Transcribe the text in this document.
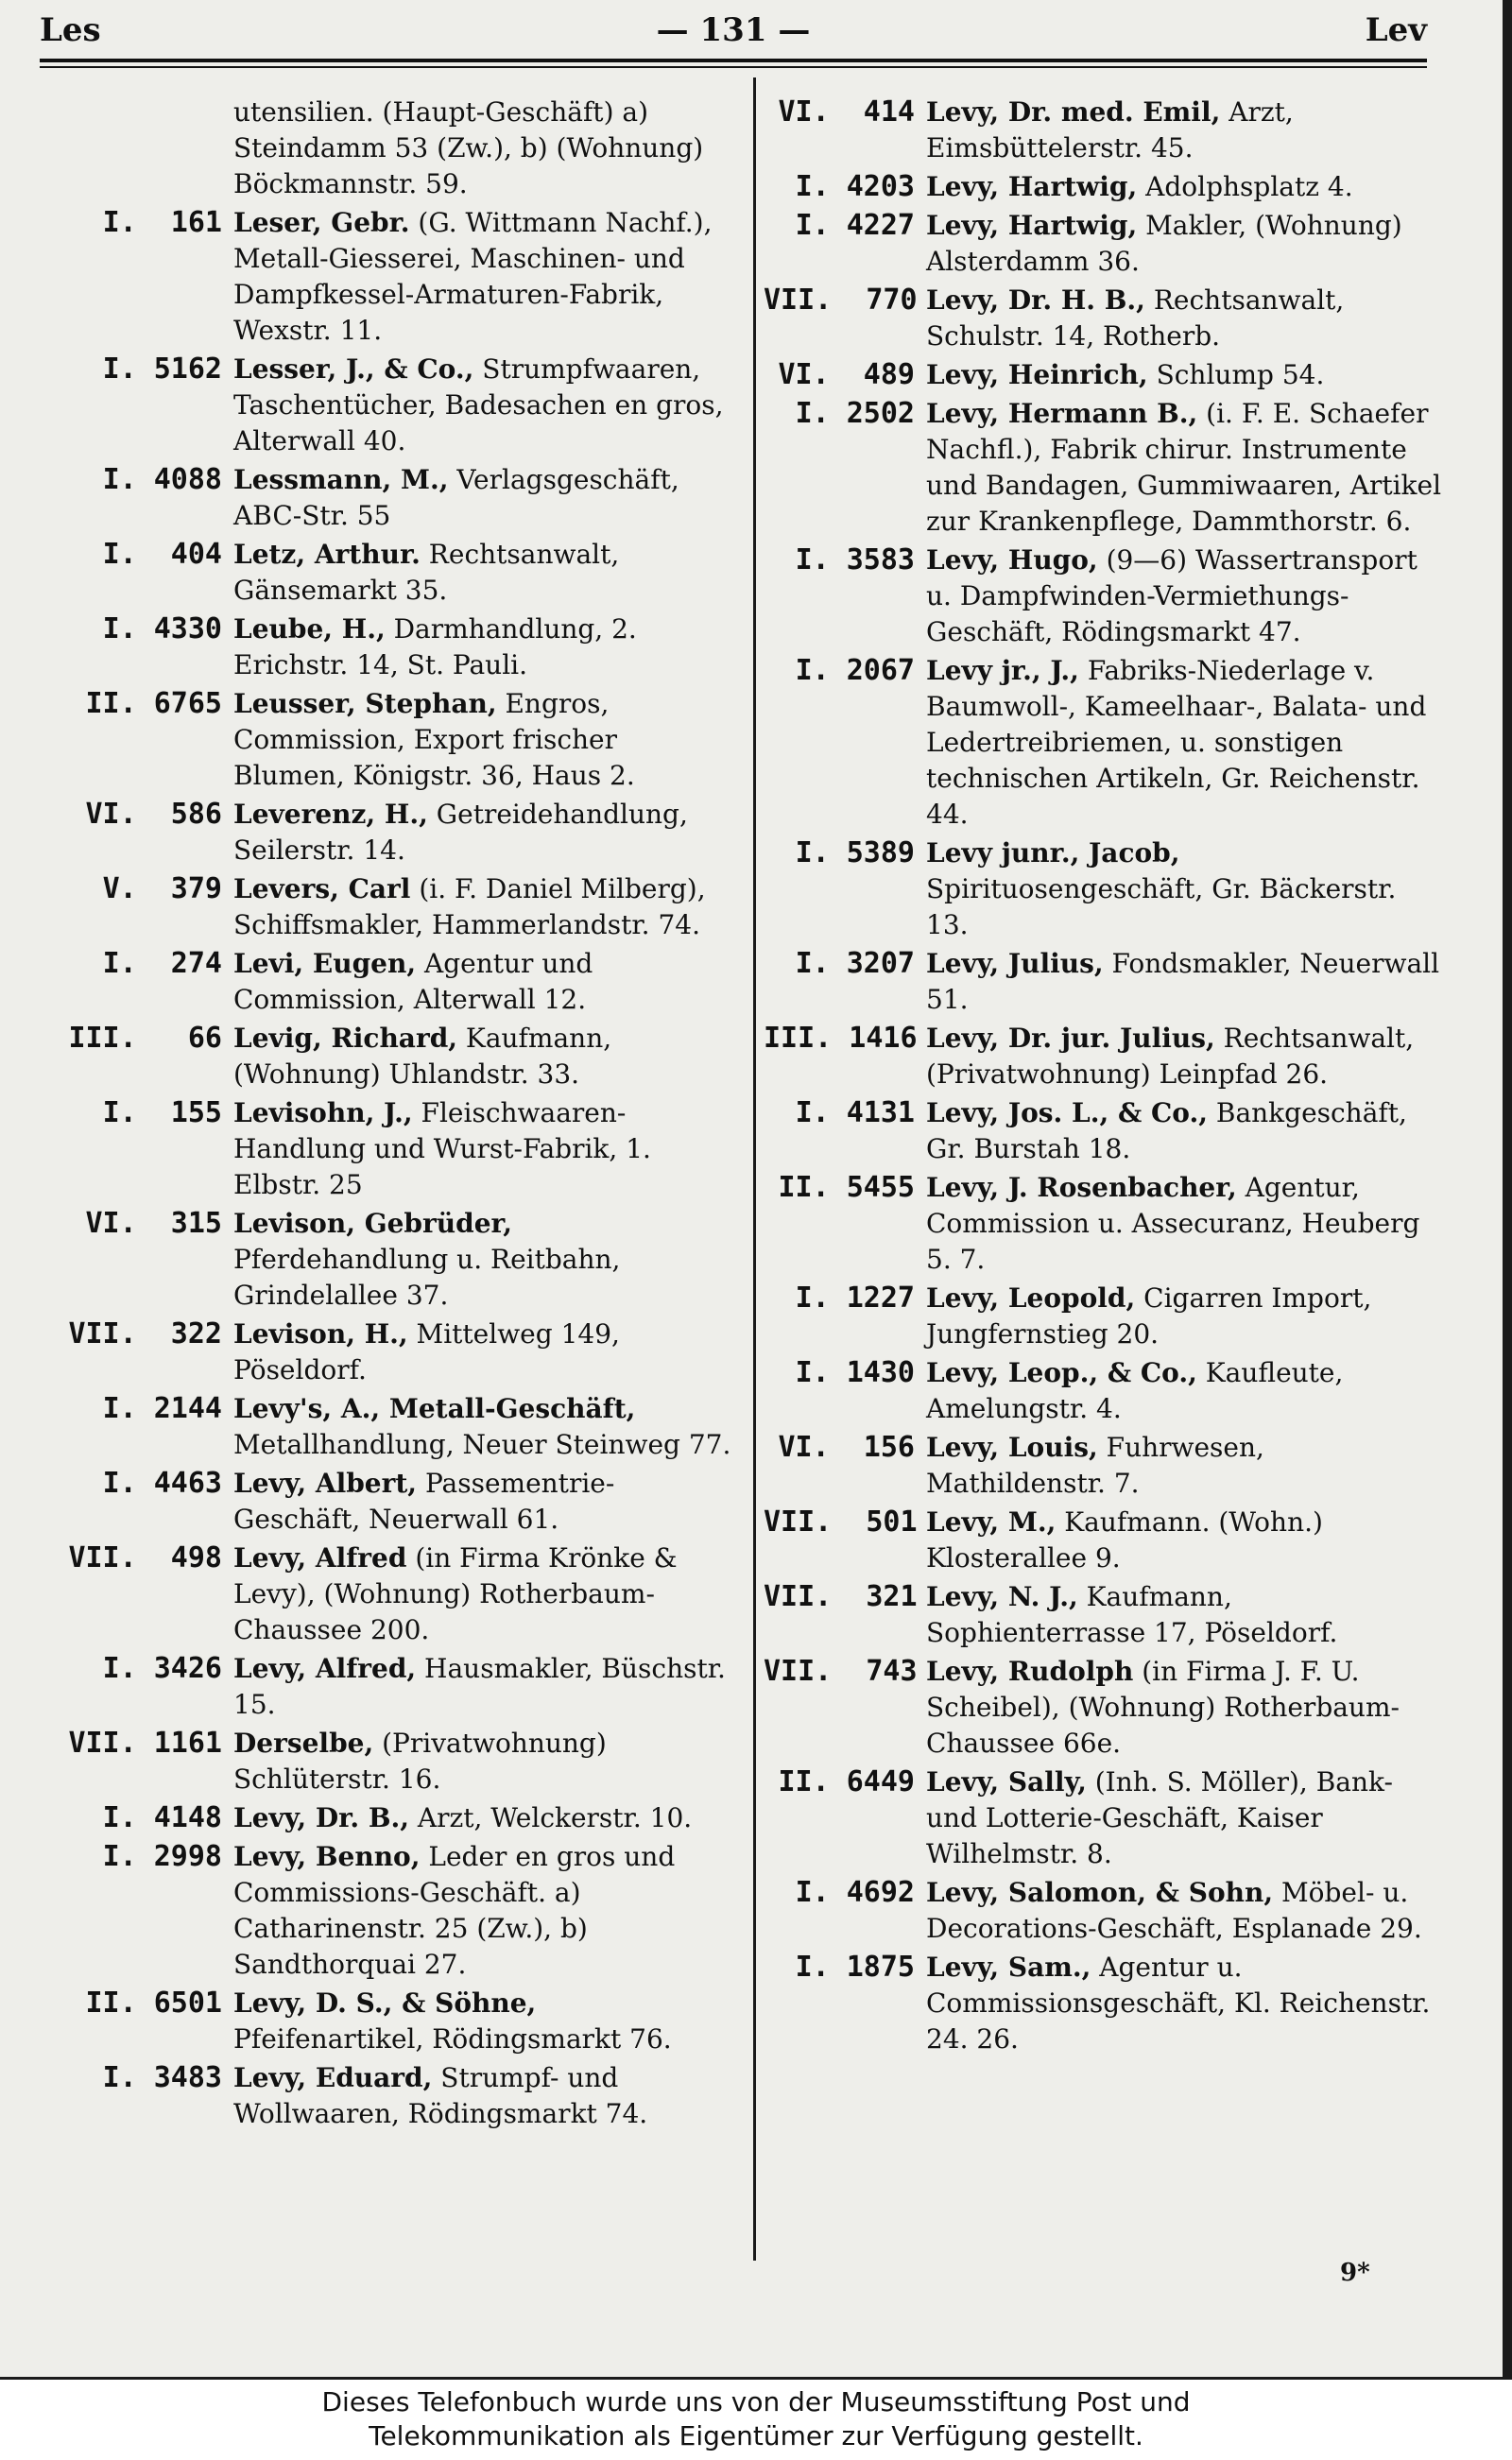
Les	— 131 —	Lev
utensilien. (Haupt-Geschäft) a) Steindamm 53 (Zw.), b) (Wohnung) Böckmannstr. 59.
I.  161 Leser, Gebr. (G. Wittmann Nachf.), Metall-Giesserei, Maschinen- und Dampfkessel-Armaturen-Fabrik, Wexstr. 11.
I. 5162 Lesser, J., & Co., Strumpfwaaren, Taschentücher, Badesachen en gros, Alterwall 40.
I. 4088 Lessmann, M., Verlagsgeschäft, ABC-Str. 55
I.  404 Letz, Arthur. Rechtsanwalt, Gänsemarkt 35.
I. 4330 Leube, H., Darmhandlung, 2. Erichstr. 14, St. Pauli.
II. 6765 Leusser, Stephan, Engros, Commission, Export frischer Blumen, Königstr. 36, Haus 2.
VI.  586 Leverenz, H., Getreidehandlung, Seilerstr. 14.
V.  379 Levers, Carl (i. F. Daniel Milberg), Schiffsmakler, Hammerlandstr. 74.
I.  274 Levi, Eugen, Agentur und Commission, Alterwall 12.
III.   66 Levig, Richard, Kaufmann, (Wohnung) Uhlandstr. 33.
I.  155 Levisohn, J., Fleischwaaren-Handlung und Wurst-Fabrik, 1. Elbstr. 25
VI.  315 Levison, Gebrüder, Pferdehandlung u. Reitbahn, Grindelallee 37.
VII.  322 Levison, H., Mittelweg 149, Pöseldorf.
I. 2144 Levy's, A., Metall-Geschäft, Metallhandlung, Neuer Steinweg 77.
I. 4463 Levy, Albert, Passementrie-Geschäft, Neuerwall 61.
VII.  498 Levy, Alfred (in Firma Krönke & Levy), (Wohnung) Rotherbaum-Chaussee 200.
I. 3426 Levy, Alfred, Hausmakler, Büschstr. 15.
VII. 1161 Derselbe, (Privatwohnung) Schlüterstr. 16.
I. 4148 Levy, Dr. B., Arzt, Welckerstr. 10.
I. 2998 Levy, Benno, Leder en gros und Commissions-Geschäft. a) Catharinenstr. 25 (Zw.), b) Sandthorquai 27.
II. 6501 Levy, D. S., & Söhne, Pfeifenartikel, Rödingsmarkt 76.
I. 3483 Levy, Eduard, Strumpf- und Wollwaaren, Rödingsmarkt 74.
VI.  414 Levy, Dr. med. Emil, Arzt, Eimsbüttelerstr. 45.
I. 4203 Levy, Hartwig, Adolphsplatz 4.
I. 4227 Levy, Hartwig, Makler, (Wohnung) Alsterdamm 36.
VII.  770 Levy, Dr. H. B., Rechtsanwalt, Schulstr. 14, Rotherb.
VI.  489 Levy, Heinrich, Schlump 54.
I. 2502 Levy, Hermann B., (i. F. E. Schaefer Nachfl.), Fabrik chirur. Instrumente und Bandagen, Gummiwaaren, Artikel zur Krankenpflege, Dammthorstr. 6.
I. 3583 Levy, Hugo, (9—6) Wassertransport u. Dampfwinden-Vermiethungs-Geschäft, Rödingsmarkt 47.
I. 2067 Levy jr., J., Fabriks-Niederlage v. Baumwoll-, Kameelhaar-, Balata- und Ledertreibriemen, u. sonstigen technischen Artikeln, Gr. Reichenstr. 44.
I. 5389 Levy junr., Jacob, Spirituosengeschäft, Gr. Bäckerstr. 13.
I. 3207 Levy, Julius, Fondsmakler, Neuerwall 51.
III. 1416 Levy, Dr. jur. Julius, Rechtsanwalt, (Privatwohnung) Leinpfad 26.
I. 4131 Levy, Jos. L., & Co., Bankgeschäft, Gr. Burstah 18.
II. 5455 Levy, J. Rosenbacher, Agentur, Commission u. Assecuranz, Heuberg 5. 7.
I. 1227 Levy, Leopold, Cigarren Import, Jungfernstieg 20.
I. 1430 Levy, Leop., & Co., Kaufleute, Amelungstr. 4.
VI.  156 Levy, Louis, Fuhrwesen, Mathildenstr. 7.
VII.  501 Levy, M., Kaufmann. (Wohn.) Klosterallee 9.
VII.  321 Levy, N. J., Kaufmann, Sophienterrasse 17, Pöseldorf.
VII.  743 Levy, Rudolph (in Firma J. F. U. Scheibel), (Wohnung) Rotherbaum-Chaussee 66e.
II. 6449 Levy, Sally, (Inh. S. Möller), Bank- und Lotterie-Geschäft, Kaiser Wilhelmstr. 8.
I. 4692 Levy, Salomon, & Sohn, Möbel- u. Decorations-Geschäft, Esplanade 29.
I. 1875 Levy, Sam., Agentur u. Commissionsgeschäft, Kl. Reichenstr. 24. 26.
9*
Dieses Telefonbuch wurde uns von der Museumsstiftung Post und
Telekommunikation als Eigentümer zur Verfügung gestellt.
